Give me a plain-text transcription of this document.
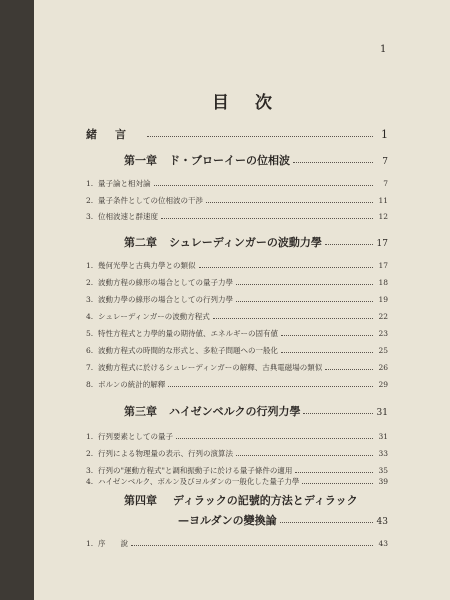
1
目次
緒言	1
第一章 ド・ブローイーの位相波	7
1. 量子論と相対論	7
2. 量子条件としての位相波の干渉	11
3. 位相波速と群速度	12
第二章 シュレーディンガーの波動力學	17
1. 幾何光學と古典力學との類似	17
2. 波動方程の線形の場合としての量子力學	18
3. 波動力學の線形の場合としての行列力學	19
4. シュレーディンガーの波動方程式	22
5. 特性方程式と力學的量の期待値、エネルギーの固有値	23
6. 波動方程式の時間的な形式と、多粒子問題への一般化	25
7. 波動方程式に於けるシュレーディンガーの解釋、古典電磁場の類似	26
8. ボルンの統計的解釋	29
第三章 ハイゼンベルクの行列力學	31
1. 行列要素としての量子	31
2. 行列による物理量の表示、行列の演算法	33
3. 行列の"運動方程式"と調和振動子に於ける量子條件の適用	35
4. ハイゼンベルク、ボルン及びヨルダンの一般化した量子力學	39
第四章 ディラックの記號的方法とディラック
—ヨルダンの變換論	43
1. 序　　說	43
